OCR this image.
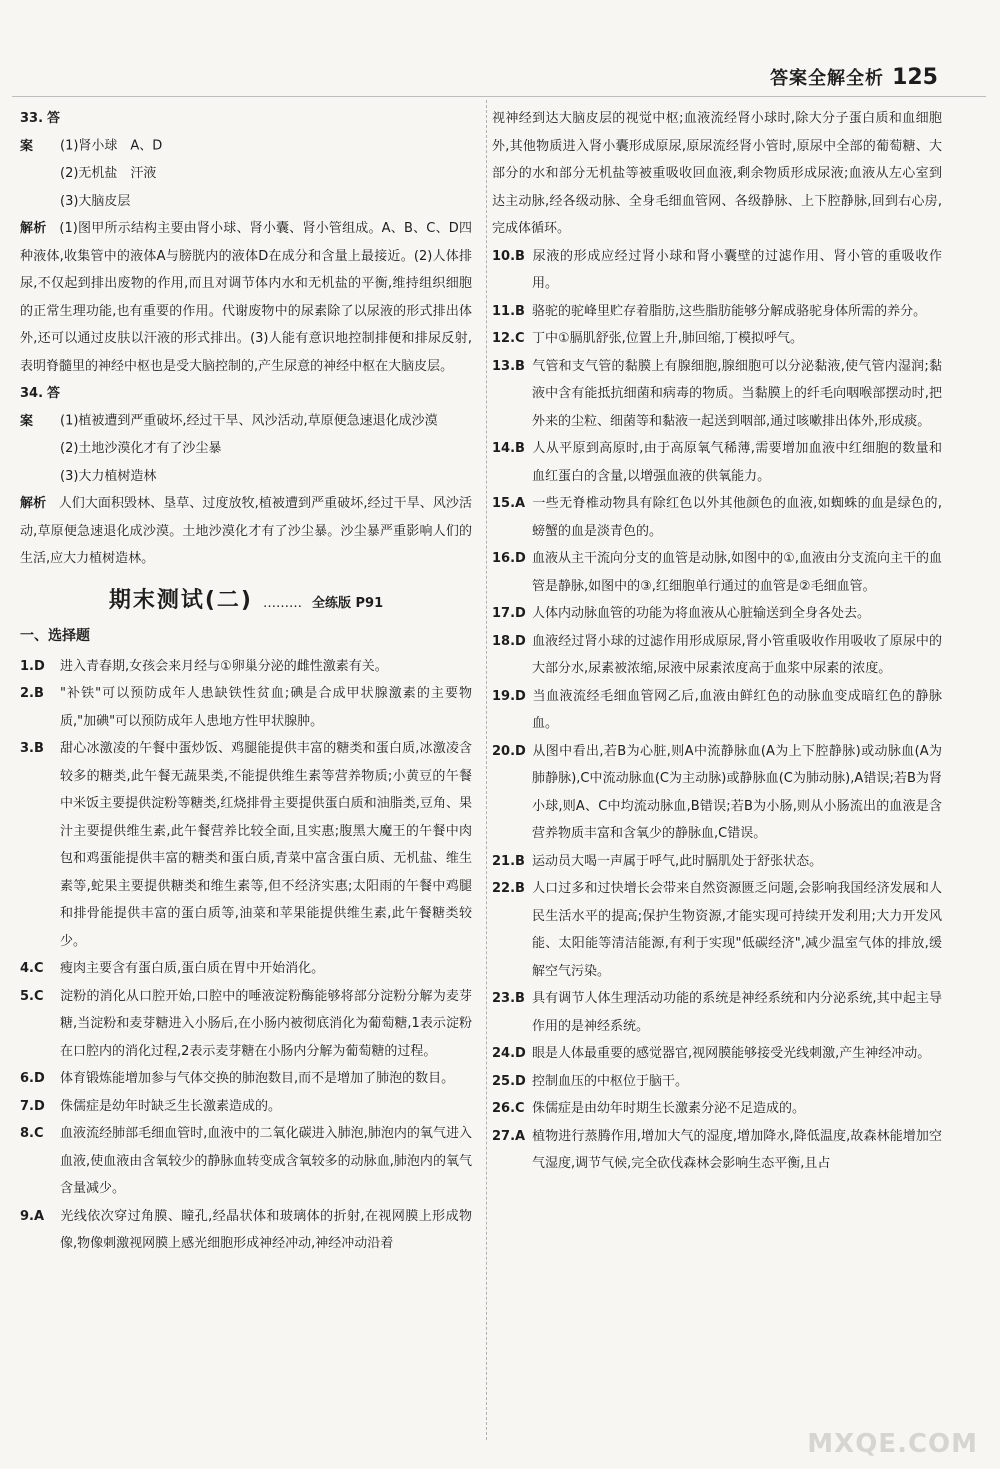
答案全解全析 125

33.答案 (1)肾小球　A、D

(2)无机盐　汗液

(3)大脑皮层

解析 (1)图甲所示结构主要由肾小球、肾小囊、肾小管组成。A、B、C、D四种液体,收集管中的液体A与膀胱内的液体D在成分和含量上最接近。(2)人体排尿,不仅起到排出废物的作用,而且对调节体内水和无机盐的平衡,维持组织细胞的正常生理功能,也有重要的作用。代谢废物中的尿素除了以尿液的形式排出体外,还可以通过皮肤以汗液的形式排出。(3)人能有意识地控制排便和排尿反射,表明脊髓里的神经中枢也是受大脑控制的,产生尿意的神经中枢在大脑皮层。

34.答案 (1)植被遭到严重破坏,经过干旱、风沙活动,草原便急速退化成沙漠

(2)土地沙漠化才有了沙尘暴

(3)大力植树造林

解析 人们大面积毁林、垦草、过度放牧,植被遭到严重破坏,经过干旱、风沙活动,草原便急速退化成沙漠。土地沙漠化才有了沙尘暴。沙尘暴严重影响人们的生活,应大力植树造林。

期末测试(二) ……… 全练版 P91
一、选择题

1.D 进入青春期,女孩会来月经与①卵巢分泌的雌性激素有关。

2.B "补铁"可以预防成年人患缺铁性贫血;碘是合成甲状腺激素的主要物质,"加碘"可以预防成年人患地方性甲状腺肿。

3.B 甜心冰激凌的午餐中蛋炒饭、鸡腿能提供丰富的糖类和蛋白质,冰激凌含较多的糖类,此午餐无蔬果类,不能提供维生素等营养物质;小黄豆的午餐中米饭主要提供淀粉等糖类,红烧排骨主要提供蛋白质和油脂类,豆角、果汁主要提供维生素,此午餐营养比较全面,且实惠;腹黑大魔王的午餐中肉包和鸡蛋能提供丰富的糖类和蛋白质,青菜中富含蛋白质、无机盐、维生素等,蛇果主要提供糖类和维生素等,但不经济实惠;太阳雨的午餐中鸡腿和排骨能提供丰富的蛋白质等,油菜和苹果能提供维生素,此午餐糖类较少。

4.C 瘦肉主要含有蛋白质,蛋白质在胃中开始消化。

5.C 淀粉的消化从口腔开始,口腔中的唾液淀粉酶能够将部分淀粉分解为麦芽糖,当淀粉和麦芽糖进入小肠后,在小肠内被彻底消化为葡萄糖,1表示淀粉在口腔内的消化过程,2表示麦芽糖在小肠内分解为葡萄糖的过程。

6.D 体育锻炼能增加参与气体交换的肺泡数目,而不是增加了肺泡的数目。

7.D 侏儒症是幼年时缺乏生长激素造成的。

8.C 血液流经肺部毛细血管时,血液中的二氧化碳进入肺泡,肺泡内的氧气进入血液,使血液由含氧较少的静脉血转变成含氧较多的动脉血,肺泡内的氧气含量减少。

9.A 光线依次穿过角膜、瞳孔,经晶状体和玻璃体的折射,在视网膜上形成物像,物像刺激视网膜上感光细胞形成神经冲动,神经冲动沿着

视神经到达大脑皮层的视觉中枢;血液流经肾小球时,除大分子蛋白质和血细胞外,其他物质进入肾小囊形成原尿,原尿流经肾小管时,原尿中全部的葡萄糖、大部分的水和部分无机盐等被重吸收回血液,剩余物质形成尿液;血液从左心室到达主动脉,经各级动脉、全身毛细血管网、各级静脉、上下腔静脉,回到右心房,完成体循环。

10.B 尿液的形成应经过肾小球和肾小囊壁的过滤作用、肾小管的重吸收作用。

11.B 骆驼的驼峰里贮存着脂肪,这些脂肪能够分解成骆驼身体所需的养分。

12.C 丁中①膈肌舒张,位置上升,肺回缩,丁模拟呼气。

13.B 气管和支气管的黏膜上有腺细胞,腺细胞可以分泌黏液,使气管内湿润;黏液中含有能抵抗细菌和病毒的物质。当黏膜上的纤毛向咽喉部摆动时,把外来的尘粒、细菌等和黏液一起送到咽部,通过咳嗽排出体外,形成痰。

14.B 人从平原到高原时,由于高原氧气稀薄,需要增加血液中红细胞的数量和血红蛋白的含量,以增强血液的供氧能力。

15.A 一些无脊椎动物具有除红色以外其他颜色的血液,如蜘蛛的血是绿色的,螃蟹的血是淡青色的。

16.D 血液从主干流向分支的血管是动脉,如图中的①,血液由分支流向主干的血管是静脉,如图中的③,红细胞单行通过的血管是②毛细血管。

17.D 人体内动脉血管的功能为将血液从心脏输送到全身各处去。

18.D 血液经过肾小球的过滤作用形成原尿,肾小管重吸收作用吸收了原尿中的大部分水,尿素被浓缩,尿液中尿素浓度高于血浆中尿素的浓度。

19.D 当血液流经毛细血管网乙后,血液由鲜红色的动脉血变成暗红色的静脉血。

20.D 从图中看出,若B为心脏,则A中流静脉血(A为上下腔静脉)或动脉血(A为肺静脉),C中流动脉血(C为主动脉)或静脉血(C为肺动脉),A错误;若B为肾小球,则A、C中均流动脉血,B错误;若B为小肠,则从小肠流出的血液是含营养物质丰富和含氧少的静脉血,C错误。

21.B 运动员大喝一声属于呼气,此时膈肌处于舒张状态。

22.B 人口过多和过快增长会带来自然资源匮乏问题,会影响我国经济发展和人民生活水平的提高;保护生物资源,才能实现可持续开发利用;大力开发风能、太阳能等清洁能源,有利于实现"低碳经济",减少温室气体的排放,缓解空气污染。

23.B 具有调节人体生理活动功能的系统是神经系统和内分泌系统,其中起主导作用的是神经系统。

24.D 眼是人体最重要的感觉器官,视网膜能够接受光线刺激,产生神经冲动。

25.D 控制血压的中枢位于脑干。

26.C 侏儒症是由幼年时期生长激素分泌不足造成的。

27.A 植物进行蒸腾作用,增加大气的湿度,增加降水,降低温度,故森林能增加空气湿度,调节气候,完全砍伐森林会影响生态平衡,且占

MXQE.COM
